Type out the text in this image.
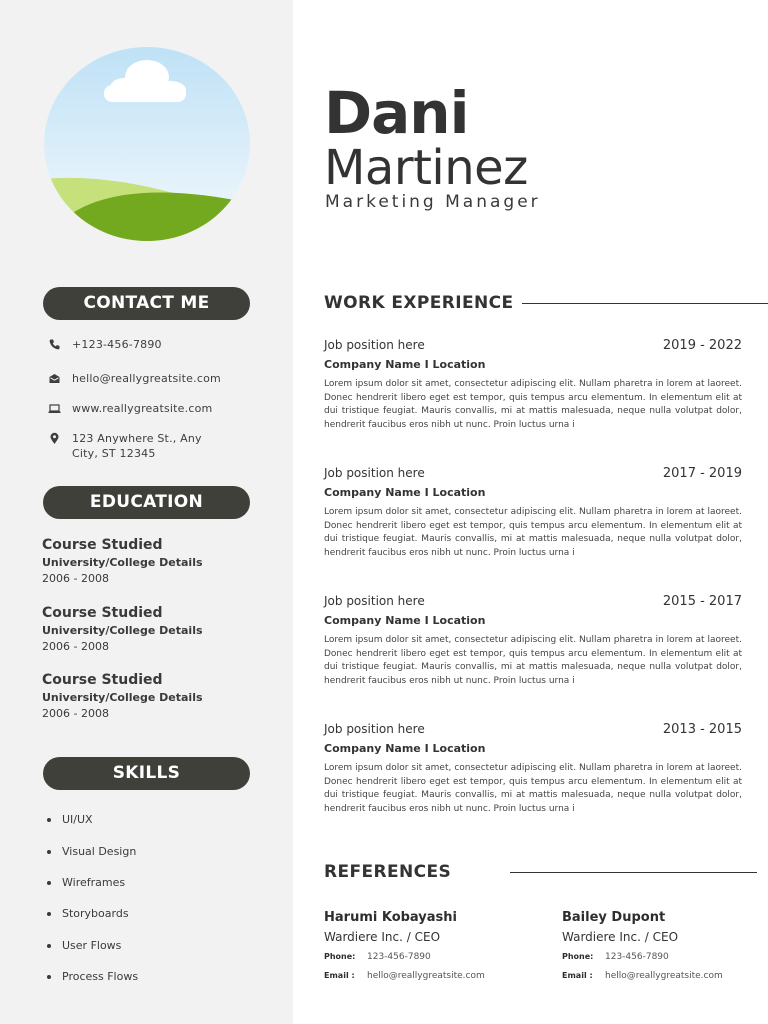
CONTACT ME
+123-456-7890
hello@reallygreatsite.com
www.reallygreatsite.com
123 Anywhere St., Any
City, ST 12345
EDUCATION
Course Studied
University/College Details
2006 - 2008
Course Studied
University/College Details
2006 - 2008
Course Studied
University/College Details
2006 - 2008
SKILLS
UI/UX
Visual Design
Wireframes
Storyboards
User Flows
Process Flows
Dani
Martinez
Marketing Manager
WORK EXPERIENCE
Job position here	2019 - 2022
Company Name I Location
Lorem ipsum dolor sit amet, consectetur adipiscing elit. Nullam pharetra in lorem at laoreet. Donec hendrerit libero eget est tempor, quis tempus arcu elementum. In elementum elit at dui tristique feugiat. Mauris convallis, mi at mattis malesuada, neque nulla volutpat dolor, hendrerit faucibus eros nibh ut nunc. Proin luctus urna i
Job position here	2017 - 2019
Company Name I Location
Lorem ipsum dolor sit amet, consectetur adipiscing elit. Nullam pharetra in lorem at laoreet. Donec hendrerit libero eget est tempor, quis tempus arcu elementum. In elementum elit at dui tristique feugiat. Mauris convallis, mi at mattis malesuada, neque nulla volutpat dolor, hendrerit faucibus eros nibh ut nunc. Proin luctus urna i
Job position here	2015 - 2017
Company Name I Location
Lorem ipsum dolor sit amet, consectetur adipiscing elit. Nullam pharetra in lorem at laoreet. Donec hendrerit libero eget est tempor, quis tempus arcu elementum. In elementum elit at dui tristique feugiat. Mauris convallis, mi at mattis malesuada, neque nulla volutpat dolor, hendrerit faucibus eros nibh ut nunc. Proin luctus urna i
Job position here	2013 - 2015
Company Name I Location
Lorem ipsum dolor sit amet, consectetur adipiscing elit. Nullam pharetra in lorem at laoreet. Donec hendrerit libero eget est tempor, quis tempus arcu elementum. In elementum elit at dui tristique feugiat. Mauris convallis, mi at mattis malesuada, neque nulla volutpat dolor, hendrerit faucibus eros nibh ut nunc. Proin luctus urna i
REFERENCES
Harumi Kobayashi
Wardiere Inc. / CEO
Phone: 123-456-7890
Email : hello@reallygreatsite.com
Bailey Dupont
Wardiere Inc. / CEO
Phone: 123-456-7890
Email : hello@reallygreatsite.com
